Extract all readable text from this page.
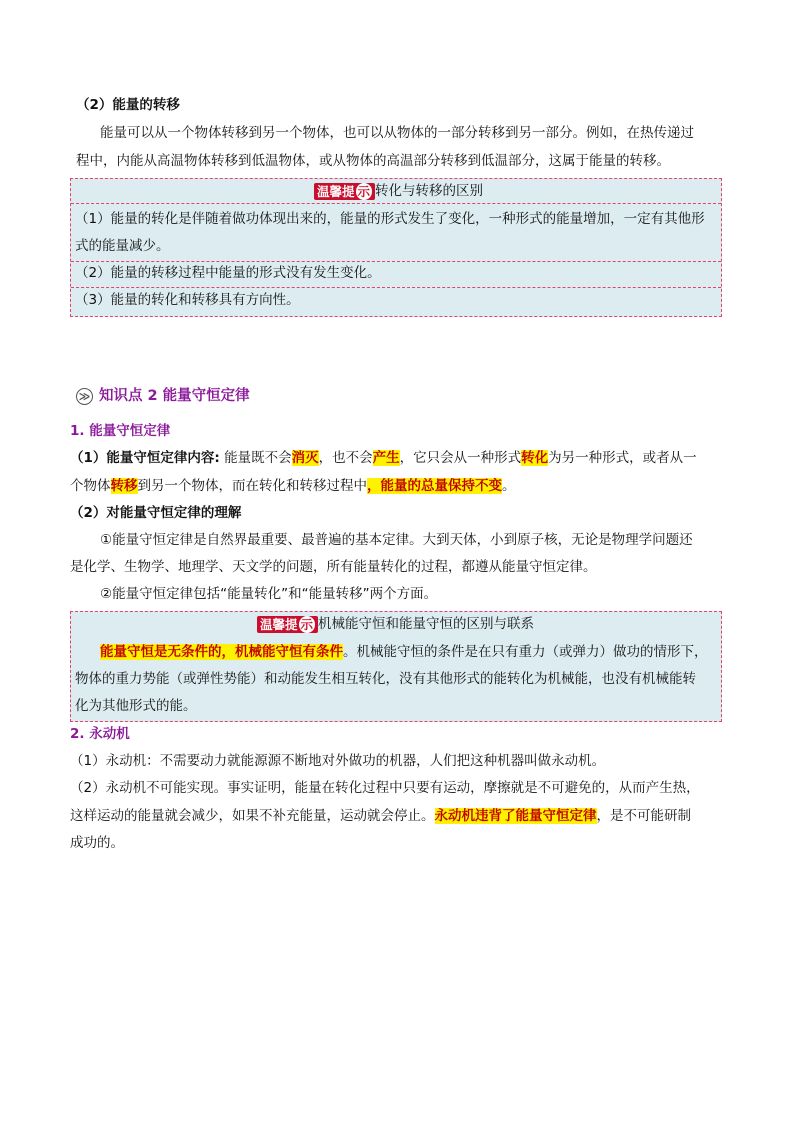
（2）能量的转移
能量可以从一个物体转移到另一个物体，也可以从物体的一部分转移到另一部分。例如，在热传递过
程中，内能从高温物体转移到低温物体，或从物体的高温部分转移到低温部分，这属于能量的转移。
温馨提 示 转化与转移的区别
（1）能量的转化是伴随着做功体现出来的，能量的形式发生了变化，一种形式的能量增加，一定有其他形
式的能量减少。
（2）能量的转移过程中能量的形式没有发生变化。
（3）能量的转化和转移具有方向性。
≫ 知识点 2 能量守恒定律
1. 能量守恒定律
（1）能量守恒定律内容: 能量既不会消灭，也不会产生，它只会从一种形式转化为另一种形式，或者从一
个物体转移到另一个物体，而在转化和转移过程中，能量的总量保持不变。
（2）对能量守恒定律的理解
①能量守恒定律是自然界最重要、最普遍的基本定律。大到天体，小到原子核，无论是物理学问题还
是化学、生物学、地理学、天文学的问题，所有能量转化的过程，都遵从能量守恒定律。
②能量守恒定律包括“能量转化”和“能量转移”两个方面。
温馨提 示 机械能守恒和能量守恒的区别与联系
能量守恒是无条件的，机械能守恒有条件。机械能守恒的条件是在只有重力（或弹力）做功的情形下，
物体的重力势能（或弹性势能）和动能发生相互转化，没有其他形式的能转化为机械能，也没有机械能转
化为其他形式的能。
2. 永动机
（1）永动机：不需要动力就能源源不断地对外做功的机器，人们把这种机器叫做永动机。
（2）永动机不可能实现。事实证明，能量在转化过程中只要有运动，摩擦就是不可避免的，从而产生热，
这样运动的能量就会减少，如果不补充能量，运动就会停止。永动机违背了能量守恒定律，是不可能研制
成功的。
